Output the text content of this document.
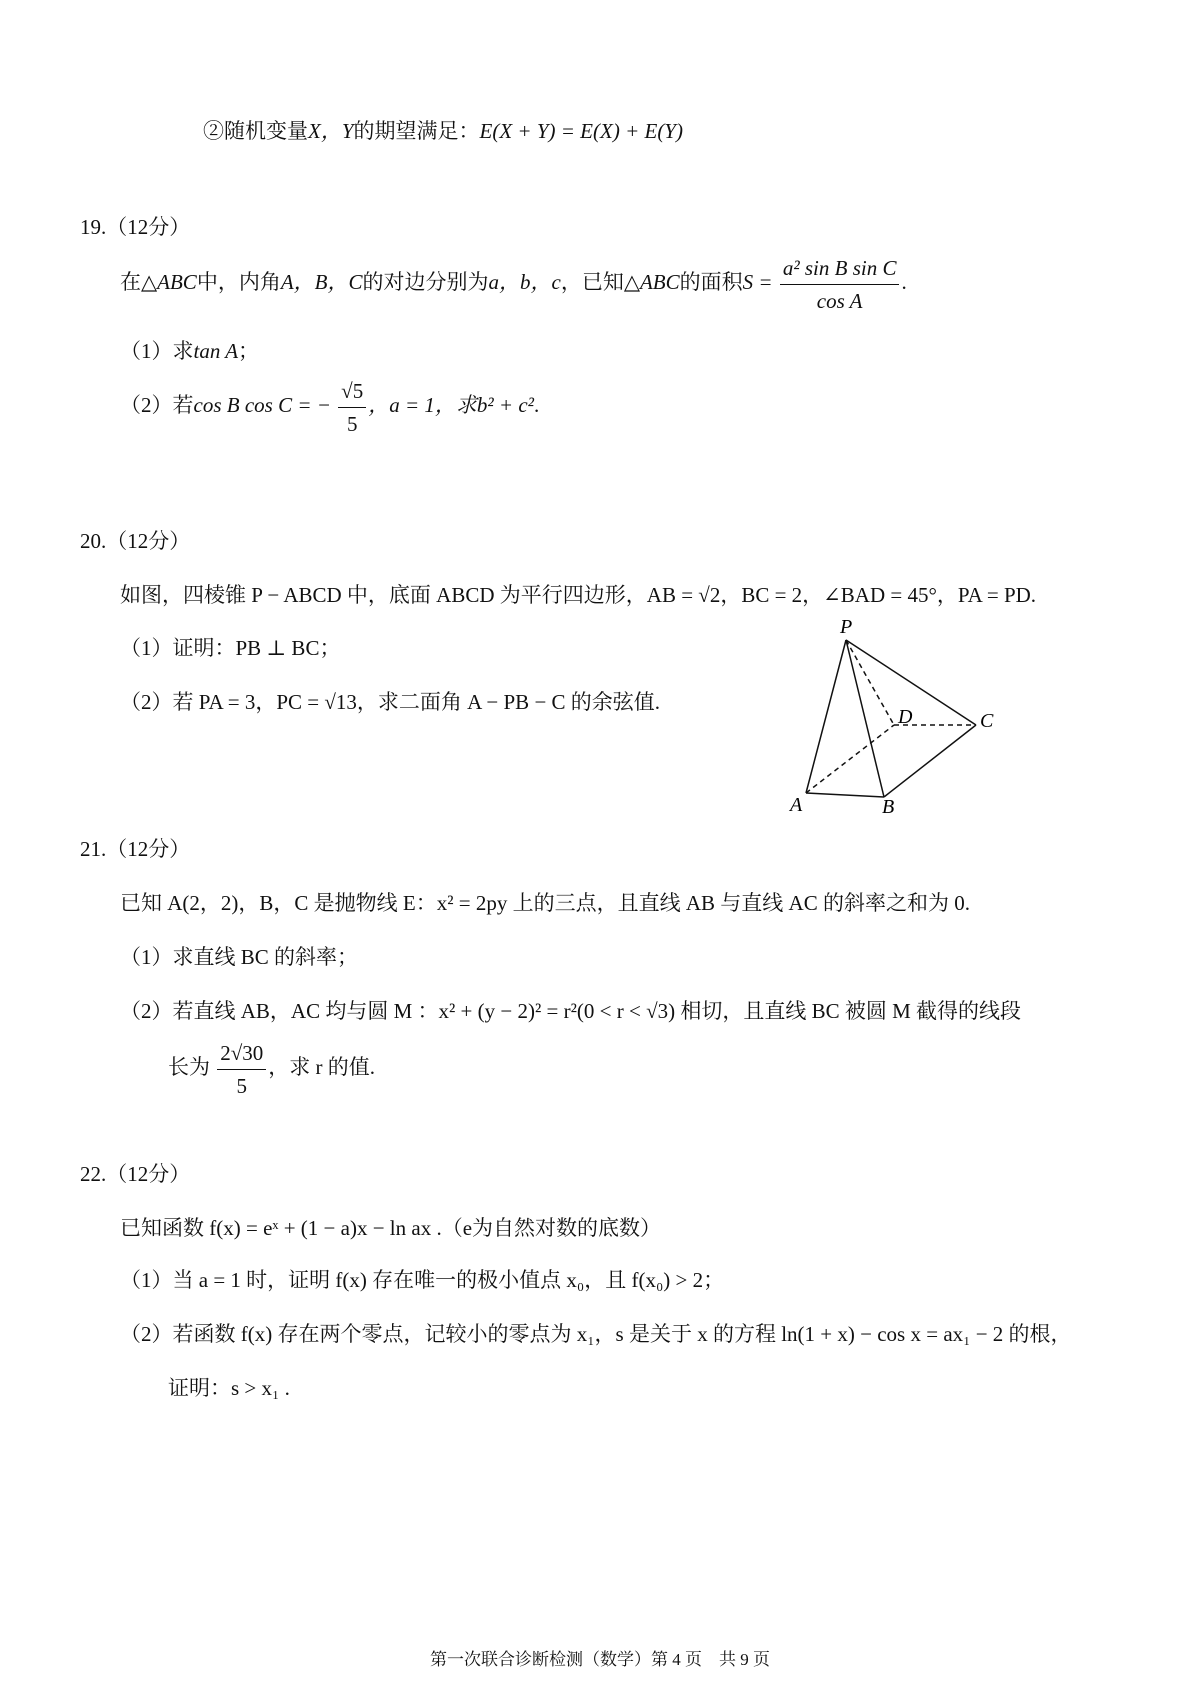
②随机变量X，Y的期望满足：E(X + Y) = E(X) + E(Y)
19.（12分）
在△ABC中，内角A，B，C的对边分别为a，b，c，已知△ABC的面积$S = \frac{\text{a² sin B sin C}}{\text{cos A}}$ .
（1）求tan A；
（2）若cos B cos C = − $\frac{√5}{5}$ ，a = 1，求b² + c².
20.（12分）
如图，四棱锥 P − ABCD 中，底面 ABCD 为平行四边形，AB = √2，BC = 2，∠BAD = 45°，PA = PD.
（1）证明：PB ⊥ BC；
（2）若 PA = 3，PC = √13，求二面角 A − PB − C 的余弦值.
P
D	C
A	B
21.（12分）
已知 A(2，2)，B，C 是抛物线 E：x² = 2py 上的三点，且直线 AB 与直线 AC 的斜率之和为 0.
（1）求直线 BC 的斜率；
（2）若直线 AB，AC 均与圆 M ：x² + (y − 2)² = r²(0 < r < √3) 相切，且直线 BC 被圆 M 截得的线段
长为 $\frac{2√30}{5}$ ，求 r 的值.
22.（12分）
已知函数 f(x) = eˣ + (1 − a)x − ln ax .（e为自然对数的底数）
（1）当 a = 1 时，证明 f(x) 存在唯一的极小值点 x₀，且 f(x₀) > 2；
（2）若函数 f(x) 存在两个零点，记较小的零点为 x₁，s 是关于 x 的方程 ln(1 + x) − cos x = ax₁ − 2 的根，
证明：s > x₁ .
第一次联合诊断检测（数学）第 4 页　共 9 页
